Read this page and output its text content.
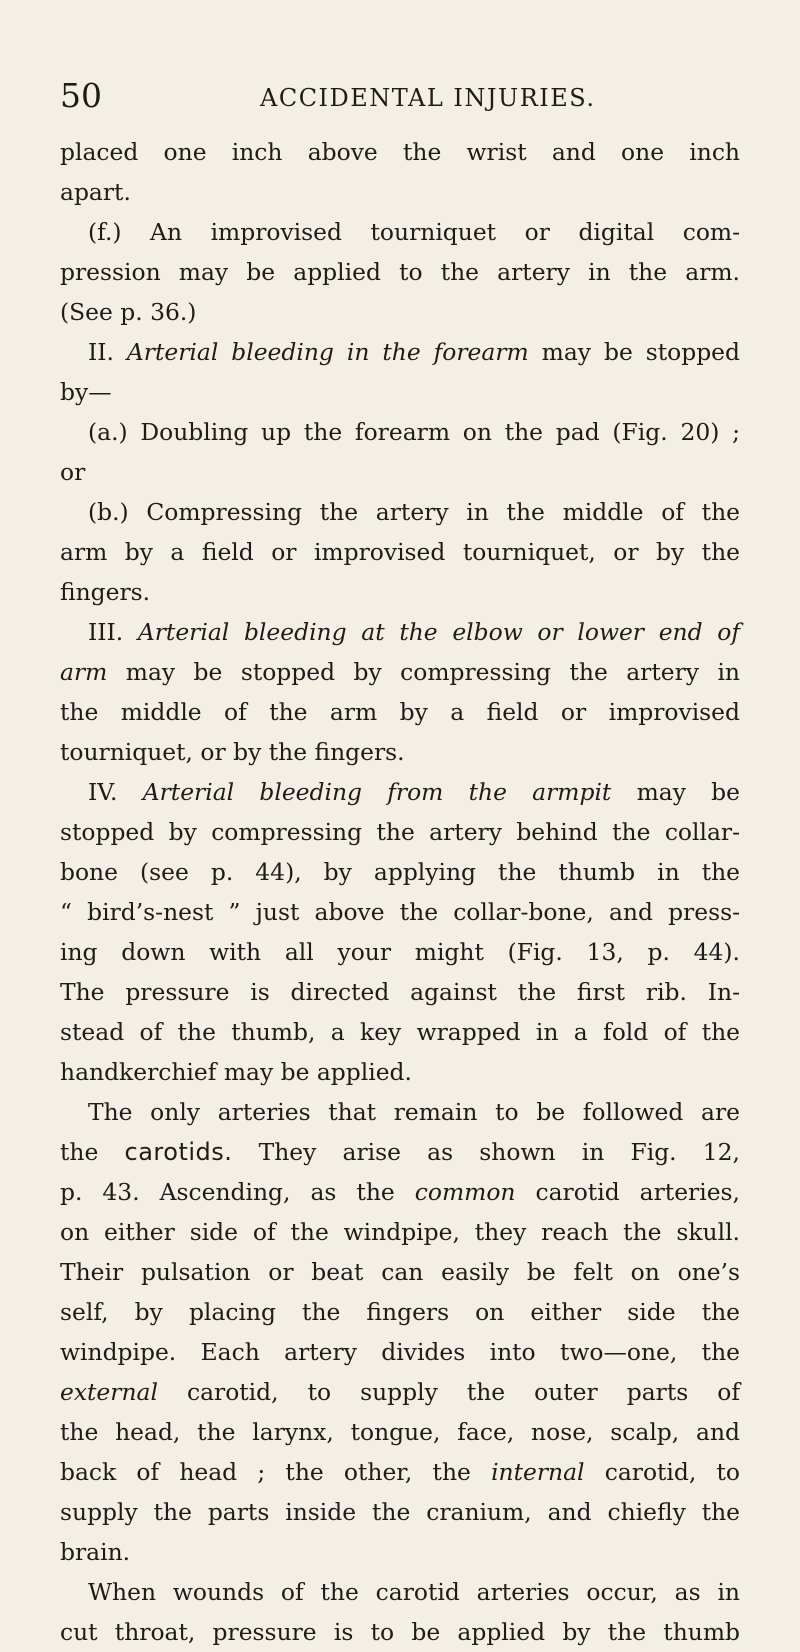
50	ACCIDENTAL INJURIES.
placed one inch above the wrist and one inch
apart.
(f.) An improvised tourniquet or digital com-
pression may be applied to the artery in the arm.
(See p. 36.)
II. Arterial bleeding in the forearm may be stopped
by—
(a.) Doubling up the forearm on the pad (Fig. 20) ;
or
(b.) Compressing the artery in the middle of the
arm by a field or improvised tourniquet, or by the
fingers.
III. Arterial bleeding at the elbow or lower end of
arm may be stopped by compressing the artery in
the middle of the arm by a field or improvised
tourniquet, or by the fingers.
IV. Arterial bleeding from the armpit may be
stopped by compressing the artery behind the collar-
bone (see p. 44), by applying the thumb in the
“ bird’s-nest ” just above the collar-bone, and press-
ing down with all your might (Fig. 13, p. 44).
The pressure is directed against the first rib. In-
stead of the thumb, a key wrapped in a fold of the
handkerchief may be applied.
The only arteries that remain to be followed are
the carotids. They arise as shown in Fig. 12,
p. 43. Ascending, as the common carotid arteries,
on either side of the windpipe, they reach the skull.
Their pulsation or beat can easily be felt on one’s
self, by placing the fingers on either side the
windpipe. Each artery divides into two—one, the
external carotid, to supply the outer parts of
the head, the larynx, tongue, face, nose, scalp, and
back of head ; the other, the internal carotid, to
supply the parts inside the cranium, and chiefly the
brain.
When wounds of the carotid arteries occur, as in
cut throat, pressure is to be applied by the thumb
